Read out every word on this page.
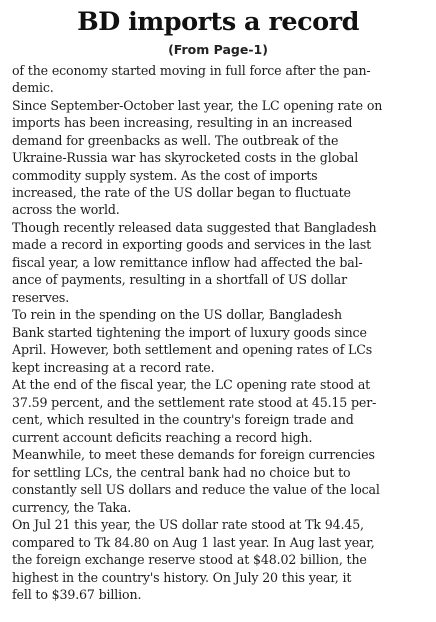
BD imports a record
(From Page-1)
of the economy started moving in full force after the pan-
demic.
Since September-October last year, the LC opening rate on
imports has been increasing, resulting in an increased
demand for greenbacks as well. The outbreak of the
Ukraine-Russia war has skyrocketed costs in the global
commodity supply system. As the cost of imports
increased, the rate of the US dollar began to fluctuate
across the world.
Though recently released data suggested that Bangladesh
made a record in exporting goods and services in the last
fiscal year, a low remittance inflow had affected the bal-
ance of payments, resulting in a shortfall of US dollar
reserves.
To rein in the spending on the US dollar, Bangladesh
Bank started tightening the import of luxury goods since
April. However, both settlement and opening rates of LCs
kept increasing at a record rate.
At the end of the fiscal year, the LC opening rate stood at
37.59 percent, and the settlement rate stood at 45.15 per-
cent, which resulted in the country's foreign trade and
current account deficits reaching a record high.
Meanwhile, to meet these demands for foreign currencies
for settling LCs, the central bank had no choice but to
constantly sell US dollars and reduce the value of the local
currency, the Taka.
On Jul 21 this year, the US dollar rate stood at Tk 94.45,
compared to Tk 84.80 on Aug 1 last year. In Aug last year,
the foreign exchange reserve stood at $48.02 billion, the
highest in the country's history. On July 20 this year, it
fell to $39.67 billion.
